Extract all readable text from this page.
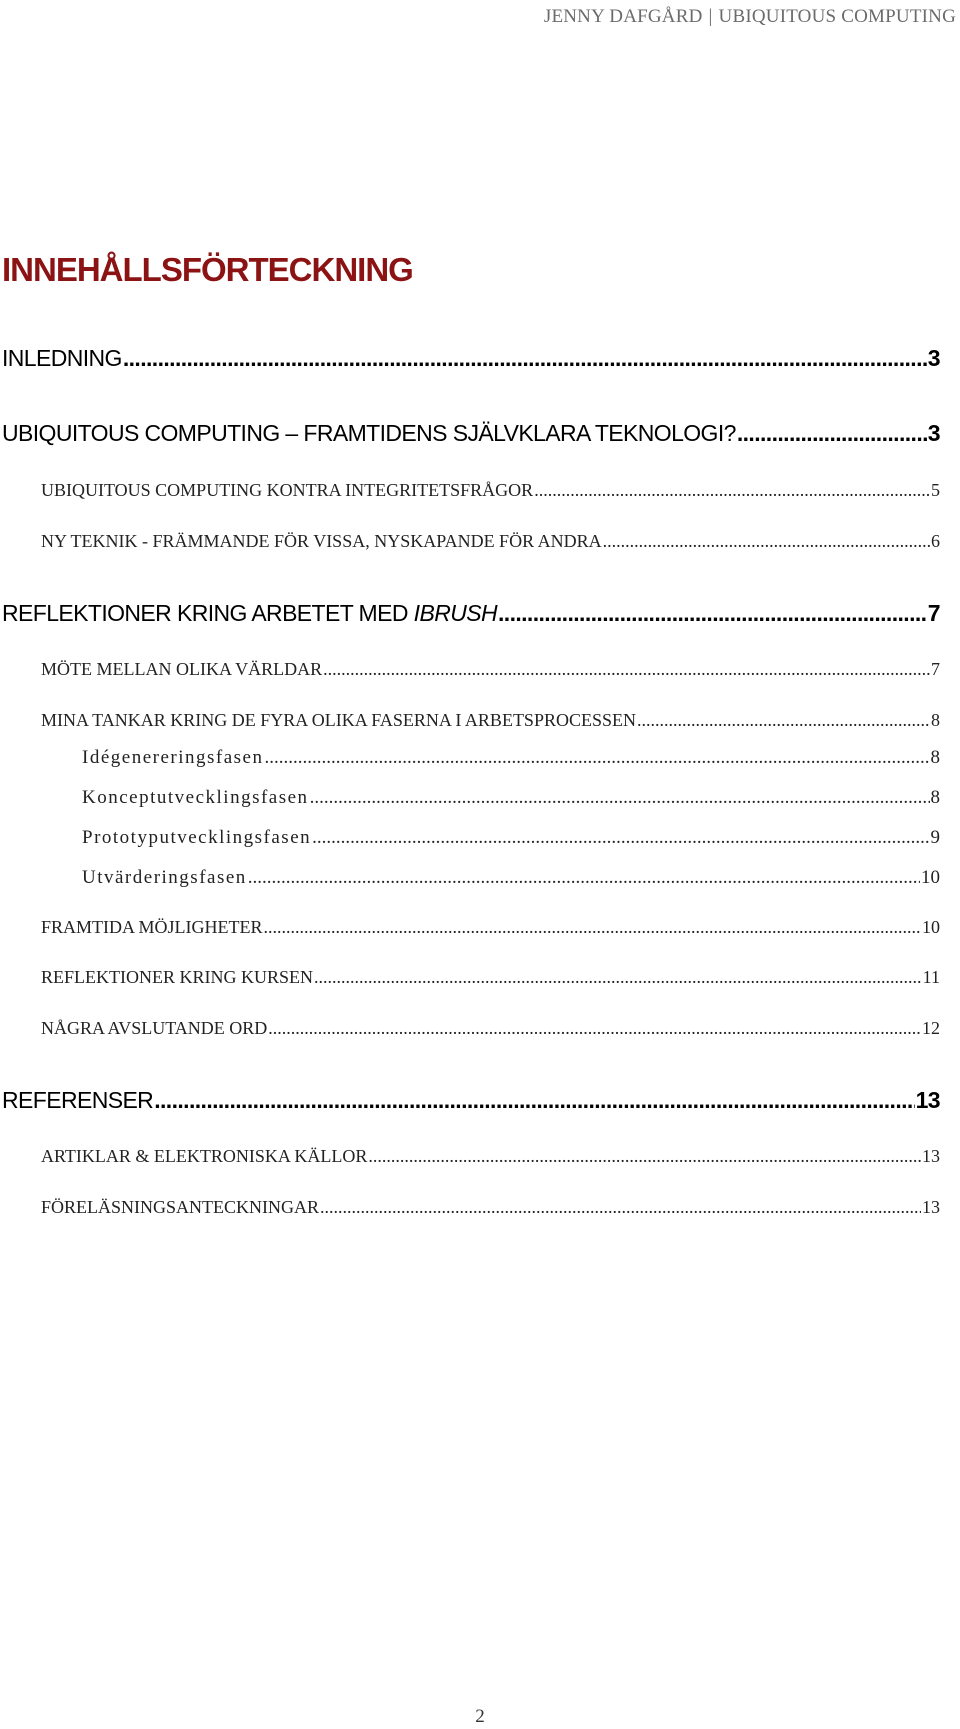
JENNY DAFGÅRD | UBIQUITOUS COMPUTING
INNEHÅLLSFÖRTECKNING
INLEDNING .....	3
UBIQUITOUS COMPUTING – FRAMTIDENS SJÄLVKLARA TEKNOLOGI? .....	3
UBIQUITOUS COMPUTING KONTRA INTEGRITETSFRÅGOR .....	5
NY TEKNIK - FRÄMMANDE FÖR VISSA, NYSKAPANDE FÖR ANDRA .....	6
REFLEKTIONER KRING ARBETET MED IBRUSH .....	7
MÖTE MELLAN OLIKA VÄRLDAR .....	7
MINA TANKAR KRING DE FYRA OLIKA FASERNA I ARBETSPROCESSEN .....	8
Idégenereringsfasen .....	8
Konceptutvecklingsfasen .....	8
Prototyputvecklingsfasen .....	9
Utvärderingsfasen .....	10
FRAMTIDA MÖJLIGHETER .....	10
REFLEKTIONER KRING KURSEN .....	11
NÅGRA AVSLUTANDE ORD .....	12
REFERENSER .....	13
ARTIKLAR & ELEKTRONISKA KÄLLOR .....	13
FÖRELÄSNINGSANTECKNINGAR .....	13
2
